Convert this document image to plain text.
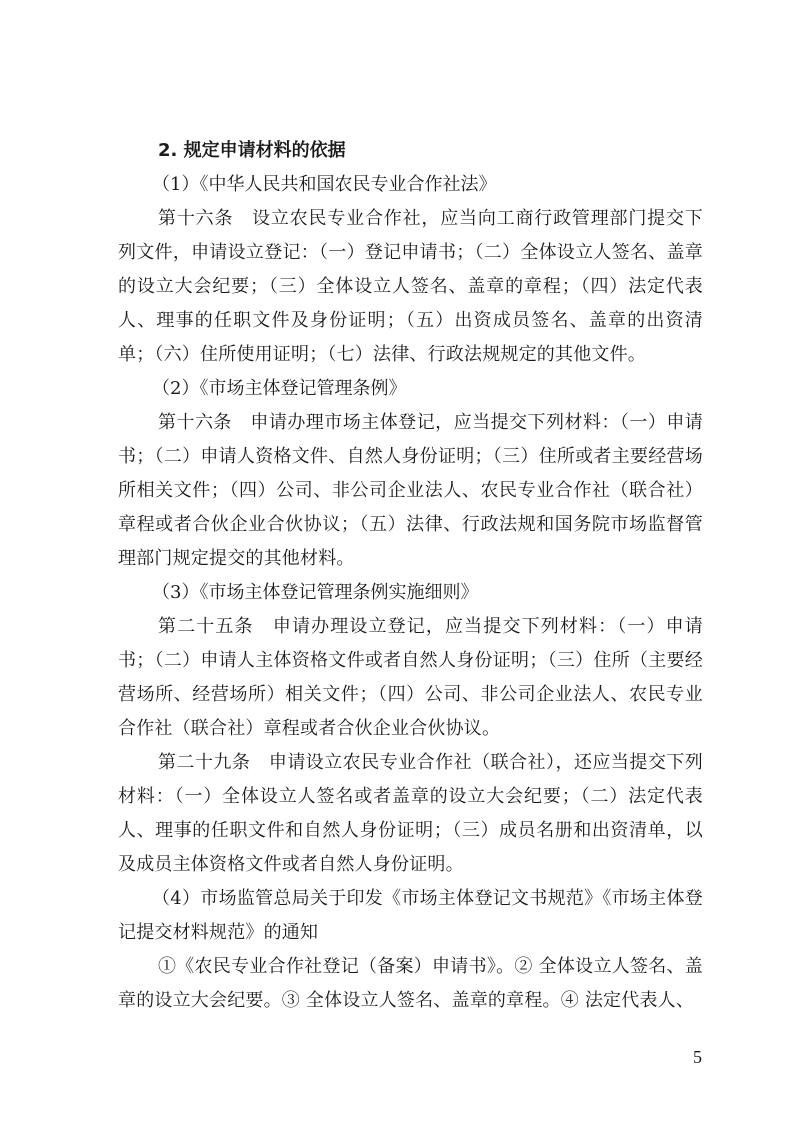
2. 规定申请材料的依据

（1）《中华人民共和国农民专业合作社法》

第十六条　设立农民专业合作社，应当向工商行政管理部门提交下列文件，申请设立登记：（一）登记申请书；（二）全体设立人签名、盖章的设立大会纪要；（三）全体设立人签名、盖章的章程；（四）法定代表人、理事的任职文件及身份证明；（五）出资成员签名、盖章的出资清单；（六）住所使用证明；（七）法律、行政法规规定的其他文件。

（2）《市场主体登记管理条例》

第十六条　申请办理市场主体登记，应当提交下列材料：（一）申请书；（二）申请人资格文件、自然人身份证明；（三）住所或者主要经营场所相关文件；（四）公司、非公司企业法人、农民专业合作社（联合社）章程或者合伙企业合伙协议；（五）法律、行政法规和国务院市场监督管理部门规定提交的其他材料。

（3）《市场主体登记管理条例实施细则》

第二十五条　申请办理设立登记，应当提交下列材料：（一）申请书；（二）申请人主体资格文件或者自然人身份证明；（三）住所（主要经营场所、经营场所）相关文件；（四）公司、非公司企业法人、农民专业合作社（联合社）章程或者合伙企业合伙协议。

第二十九条　申请设立农民专业合作社（联合社），还应当提交下列材料：（一）全体设立人签名或者盖章的设立大会纪要；（二）法定代表人、理事的任职文件和自然人身份证明；（三）成员名册和出资清单，以及成员主体资格文件或者自然人身份证明。

（4）市场监管总局关于印发《市场主体登记文书规范》《市场主体登记提交材料规范》的通知

①《农民专业合作社登记（备案）申请书》。② 全体设立人签名、盖章的设立大会纪要。③ 全体设立人签名、盖章的章程。④ 法定代表人、

5
